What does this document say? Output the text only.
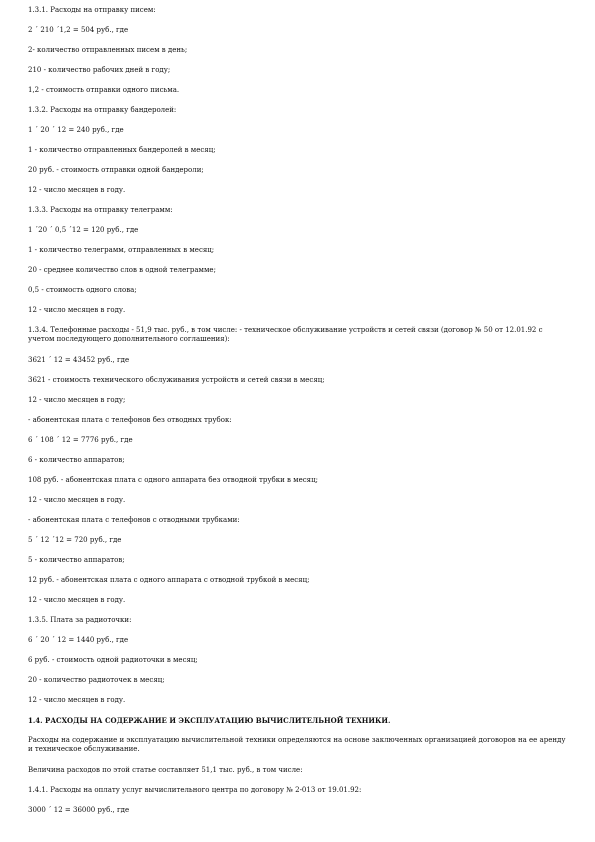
1.3.1. Расходы на отправку писем:
2 ´ 210 ´1,2 = 504 руб., где
2- количество отправленных писем в день;
210 - количество рабочих дней в году;
1,2 - стоимость отправки одного письма.
1.3.2. Расходы на отправку бандеролей:
1 ´ 20 ´ 12 = 240 руб., где
1 - количество отправленных бандеролей в месяц;
20 руб. - стоимость отправки одной бандероли;
12 - число месяцев в году.
1.3.3. Расходы на отправку телеграмм:
1 ´20 ´ 0,5 ´12 = 120 руб., где
1 - количество телеграмм, отправленных в месяц;
20 - среднее количество слов в одной телеграмме;
0,5 - стоимость одного слова;
12 - число месяцев в году.
1.3.4. Телефонные расходы - 51,9 тыс. руб., в том числе: - техническое обслуживание устройств и сетей связи (договор № 50 от 12.01.92 с учетом последующего дополнительного соглашения):
3621 ´ 12 = 43452 руб., где
3621 - стоимость технического обслуживания устройств и сетей связи в месяц;
12 - число месяцев в году;
- абонентская плата с телефонов без отводных трубок:
6 ´ 108 ´ 12 = 7776 руб., где
6 - количество аппаратов;
108 руб. - абонентская плата с одного аппарата без отводной трубки в месяц;
12 - число месяцев в году.
- абонентская плата с телефонов с отводными трубками:
5 ´ 12 ´12 = 720 руб., где
5 - количество аппаратов;
12 руб. - абонентская плата с одного аппарата с отводной трубкой в месяц;
12 - число месяцев в году.
1.3.5. Плата за радиоточки:
6 ´ 20 ´ 12 = 1440 руб., где
6 руб. - стоимость одной радиоточки в месяц;
20 - количество радиоточек в месяц;
12 - число месяцев в году.
1.4. РАСХОДЫ НА СОДЕРЖАНИЕ И ЭКСПЛУАТАЦИЮ ВЫЧИСЛИТЕЛЬНОЙ ТЕХНИКИ.
Расходы на содержание и эксплуатацию вычислительной техники определяются на основе заключенных организацией договоров на ее аренду и техническое обслуживание.
Величина расходов по этой статье составляет 51,1 тыс. руб., в том числе:
1.4.1. Расходы на оплату услуг вычислительного центра по договору № 2-013 от 19.01.92:
3000 ´ 12 = 36000 руб., где
